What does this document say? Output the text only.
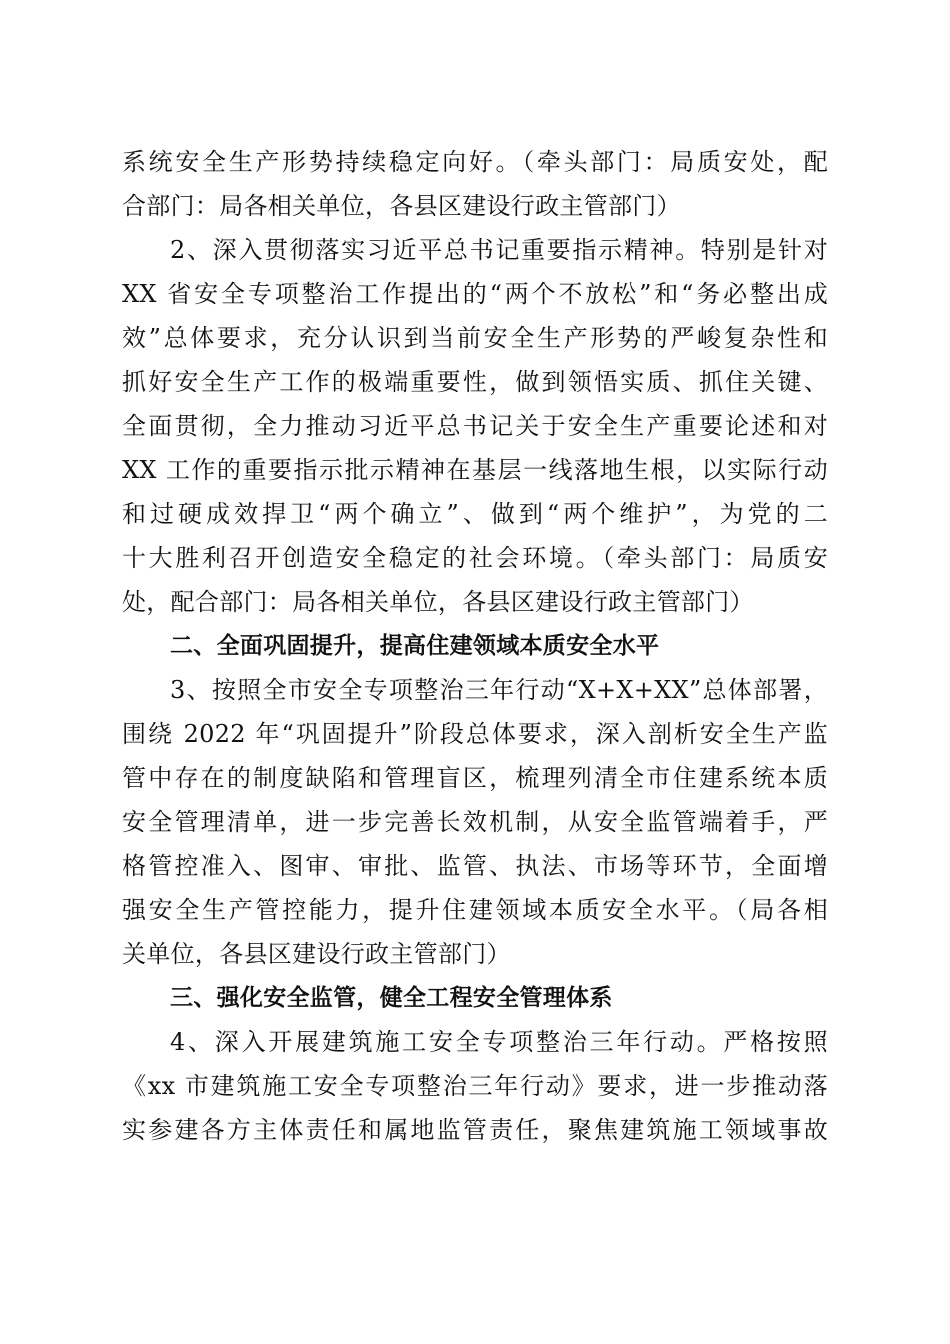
系统安全生产形势持续稳定向好。（牵头部门：局质安处，配
合部门：局各相关单位，各县区建设行政主管部门）
2、深入贯彻落实习近平总书记重要指示精神。特别是针对
XX 省安全专项整治工作提出的“两个不放松”和“务必整出成
效”总体要求，充分认识到当前安全生产形势的严峻复杂性和
抓好安全生产工作的极端重要性，做到领悟实质、抓住关键、
全面贯彻，全力推动习近平总书记关于安全生产重要论述和对
XX 工作的重要指示批示精神在基层一线落地生根，以实际行动
和过硬成效捍卫“两个确立”、做到“两个维护”，为党的二
十大胜利召开创造安全稳定的社会环境。（牵头部门：局质安
处，配合部门：局各相关单位，各县区建设行政主管部门）
二、全面巩固提升，提高住建领域本质安全水平
3、按照全市安全专项整治三年行动“X+X+XX”总体部署，
围绕 2022 年“巩固提升”阶段总体要求，深入剖析安全生产监
管中存在的制度缺陷和管理盲区，梳理列清全市住建系统本质
安全管理清单，进一步完善长效机制，从安全监管端着手，严
格管控准入、图审、审批、监管、执法、市场等环节，全面增
强安全生产管控能力，提升住建领域本质安全水平。（局各相
关单位，各县区建设行政主管部门）
三、强化安全监管，健全工程安全管理体系
4、深入开展建筑施工安全专项整治三年行动。严格按照
《xx 市建筑施工安全专项整治三年行动》要求，进一步推动落
实参建各方主体责任和属地监管责任，聚焦建筑施工领域事故
